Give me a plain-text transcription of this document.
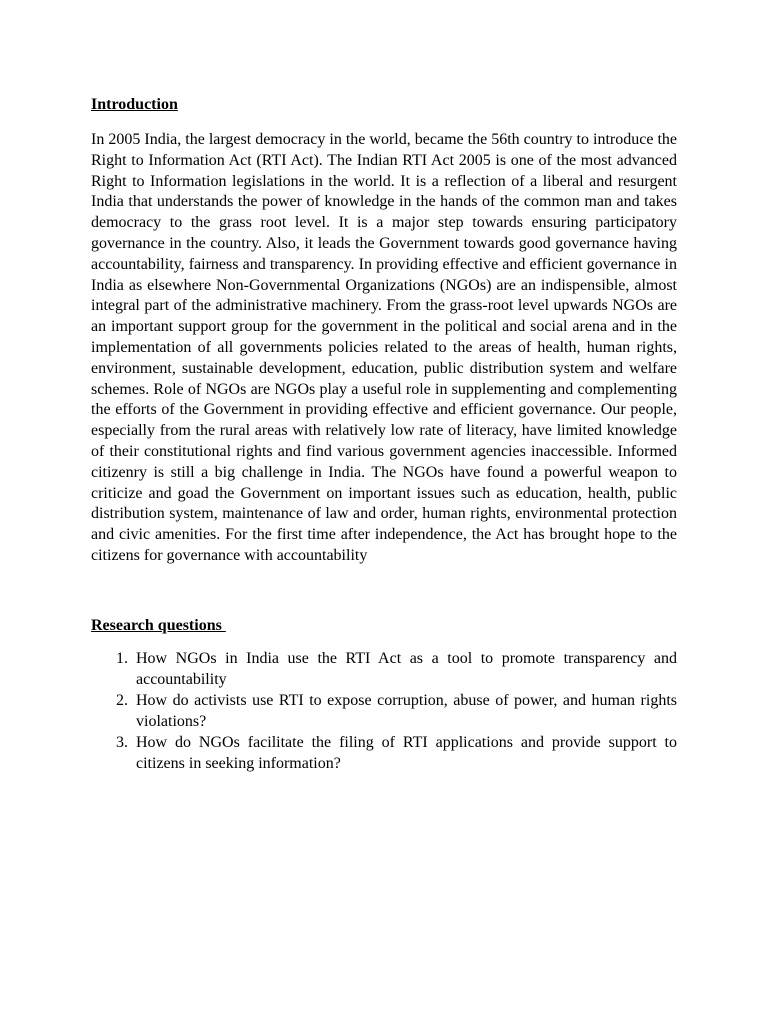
Introduction

In 2005 India, the largest democracy in the world, became the 56th country to introduce the Right to Information Act (RTI Act). The Indian RTI Act 2005 is one of the most advanced Right to Information legislations in the world. It is a reflection of a liberal and resurgent India that understands the power of knowledge in the hands of the common man and takes democracy to the grass root level. It is a major step towards ensuring participatory governance in the country. Also, it leads the Government towards good governance having accountability, fairness and transparency. In providing effective and efficient governance in India as elsewhere Non-Governmental Organizations (NGOs) are an indispensible, almost integral part of the administrative machinery. From the grass-root level upwards NGOs are an important support group for the government in the political and social arena and in the implementation of all governments policies related to the areas of health, human rights, environment, sustainable development, education, public distribution system and welfare schemes. Role of NGOs are NGOs play a useful role in supplementing and complementing the efforts of the Government in providing effective and efficient governance. Our people, especially from the rural areas with relatively low rate of literacy, have limited knowledge of their constitutional rights and find various government agencies inaccessible. Informed citizenry is still a big challenge in India. The NGOs have found a powerful weapon to criticize and goad the Government on important issues such as education, health, public distribution system, maintenance of law and order, human rights, environmental protection and civic amenities. For the first time after independence, the Act has brought hope to the citizens for governance with accountability

Research questions

1. How NGOs in India use the RTI Act as a tool to promote transparency and accountability
2. How do activists use RTI to expose corruption, abuse of power, and human rights violations?
3. How do NGOs facilitate the filing of RTI applications and provide support to citizens in seeking information?
